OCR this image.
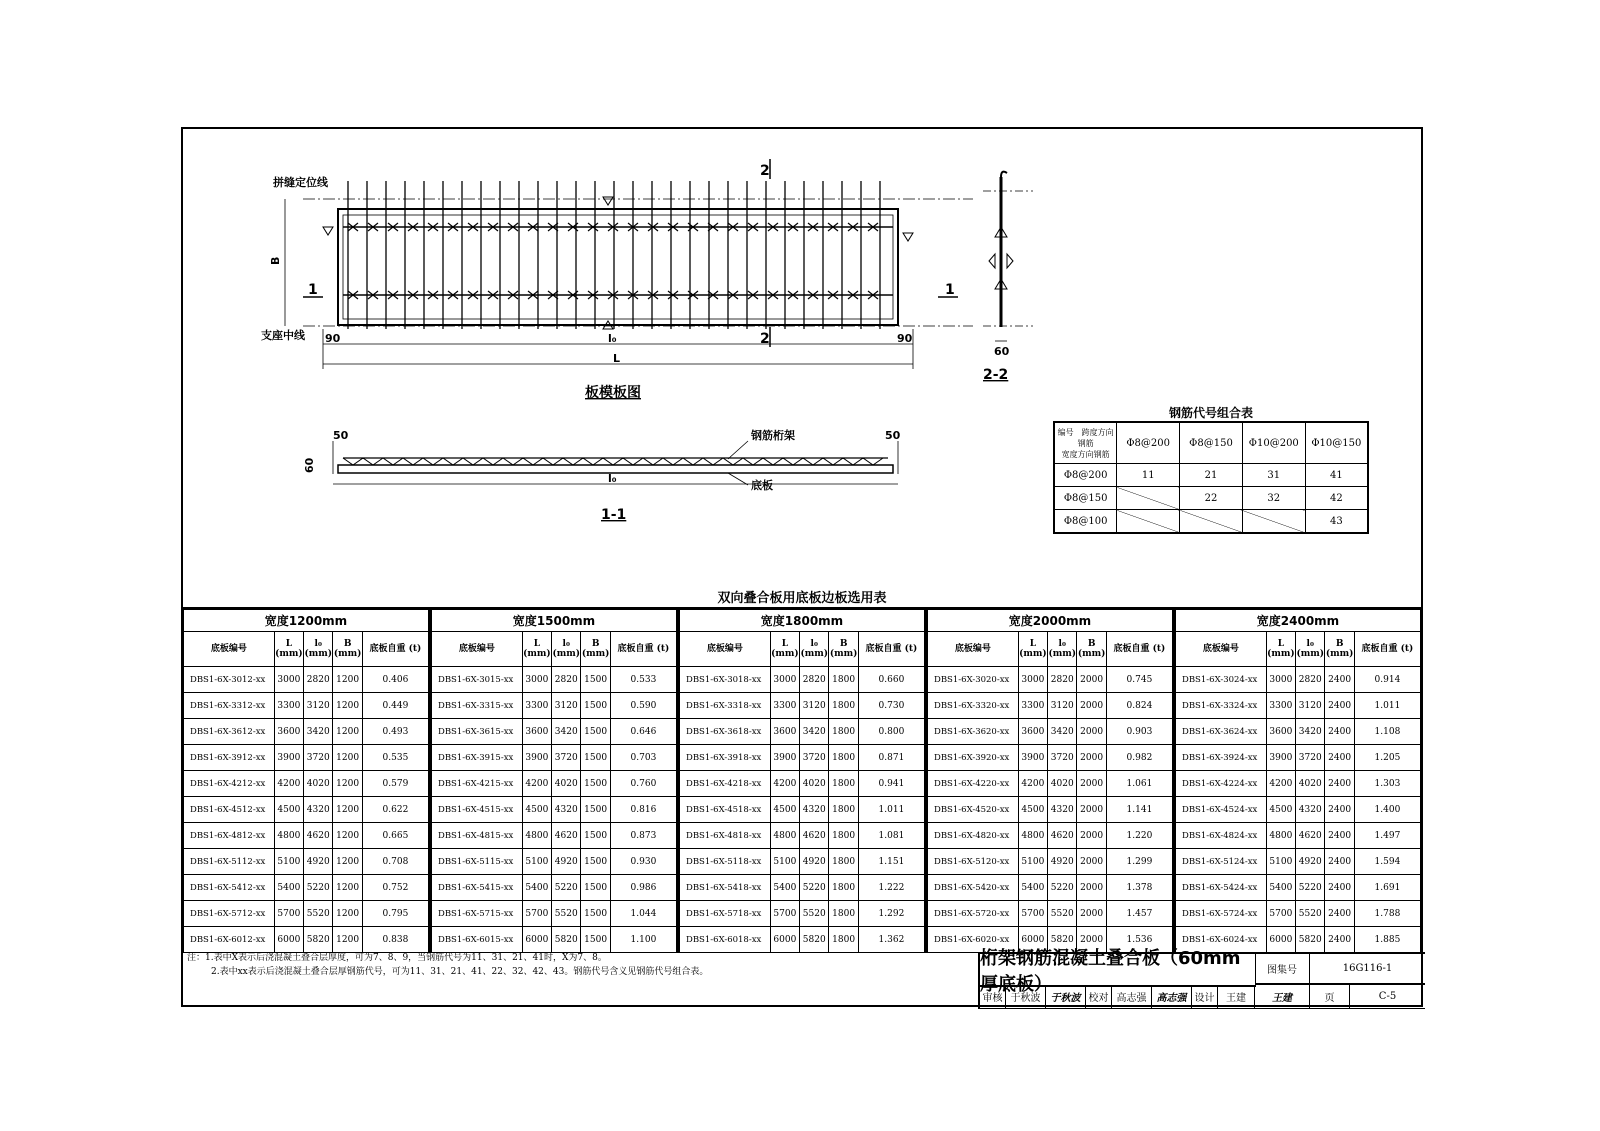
2
2
1	1
B
拼缝定位线
支座中线 90	90
l₀
L
板模板图
60
2-2
50	50
60
l₀
钢筋桁架
底板
1-1
钢筋代号组合表
编号　跨度方向钢筋
宽度方向钢筋	Φ8@200	Φ8@150	Φ10@200	Φ10@150
Φ8@200	11	21	31	41
Φ8@150		22	32	42
Φ8@100				43
双向叠合板用底板边板选用表
宽度1200mm				
底板编号	L (mm)	l₀ (mm)	B (mm)	底板自重 (t)
DBS1-6X-3012-xx	3000	2820	1200	0.406
DBS1-6X-3312-xx	3300	3120	1200	0.449
DBS1-6X-3612-xx	3600	3420	1200	0.493
DBS1-6X-3912-xx	3900	3720	1200	0.535
DBS1-6X-4212-xx	4200	4020	1200	0.579
DBS1-6X-4512-xx	4500	4320	1200	0.622
DBS1-6X-4812-xx	4800	4620	1200	0.665
DBS1-6X-5112-xx	5100	4920	1200	0.708
DBS1-6X-5412-xx	5400	5220	1200	0.752
DBS1-6X-5712-xx	5700	5520	1200	0.795
DBS1-6X-6012-xx	6000	5820	1200	0.838
宽度1500mm				
底板编号	L (mm)	l₀ (mm)	B (mm)	底板自重 (t)
DBS1-6X-3015-xx	3000	2820	1500	0.533
DBS1-6X-3315-xx	3300	3120	1500	0.590
DBS1-6X-3615-xx	3600	3420	1500	0.646
DBS1-6X-3915-xx	3900	3720	1500	0.703
DBS1-6X-4215-xx	4200	4020	1500	0.760
DBS1-6X-4515-xx	4500	4320	1500	0.816
DBS1-6X-4815-xx	4800	4620	1500	0.873
DBS1-6X-5115-xx	5100	4920	1500	0.930
DBS1-6X-5415-xx	5400	5220	1500	0.986
DBS1-6X-5715-xx	5700	5520	1500	1.044
DBS1-6X-6015-xx	6000	5820	1500	1.100
宽度1800mm				
底板编号	L (mm)	l₀ (mm)	B (mm)	底板自重 (t)
DBS1-6X-3018-xx	3000	2820	1800	0.660
DBS1-6X-3318-xx	3300	3120	1800	0.730
DBS1-6X-3618-xx	3600	3420	1800	0.800
DBS1-6X-3918-xx	3900	3720	1800	0.871
DBS1-6X-4218-xx	4200	4020	1800	0.941
DBS1-6X-4518-xx	4500	4320	1800	1.011
DBS1-6X-4818-xx	4800	4620	1800	1.081
DBS1-6X-5118-xx	5100	4920	1800	1.151
DBS1-6X-5418-xx	5400	5220	1800	1.222
DBS1-6X-5718-xx	5700	5520	1800	1.292
DBS1-6X-6018-xx	6000	5820	1800	1.362
宽度2000mm				
底板编号	L (mm)	l₀ (mm)	B (mm)	底板自重 (t)
DBS1-6X-3020-xx	3000	2820	2000	0.745
DBS1-6X-3320-xx	3300	3120	2000	0.824
DBS1-6X-3620-xx	3600	3420	2000	0.903
DBS1-6X-3920-xx	3900	3720	2000	0.982
DBS1-6X-4220-xx	4200	4020	2000	1.061
DBS1-6X-4520-xx	4500	4320	2000	1.141
DBS1-6X-4820-xx	4800	4620	2000	1.220
DBS1-6X-5120-xx	5100	4920	2000	1.299
DBS1-6X-5420-xx	5400	5220	2000	1.378
DBS1-6X-5720-xx	5700	5520	2000	1.457
DBS1-6X-6020-xx	6000	5820	2000	1.536
宽度2400mm				
底板编号	L (mm)	l₀ (mm)	B (mm)	底板自重 (t)
DBS1-6X-3024-xx	3000	2820	2400	0.914
DBS1-6X-3324-xx	3300	3120	2400	1.011
DBS1-6X-3624-xx	3600	3420	2400	1.108
DBS1-6X-3924-xx	3900	3720	2400	1.205
DBS1-6X-4224-xx	4200	4020	2400	1.303
DBS1-6X-4524-xx	4500	4320	2400	1.400
DBS1-6X-4824-xx	4800	4620	2400	1.497
DBS1-6X-5124-xx	5100	4920	2400	1.594
DBS1-6X-5424-xx	5400	5220	2400	1.691
DBS1-6X-5724-xx	5700	5520	2400	1.788
DBS1-6X-6024-xx	6000	5820	2400	1.885
注：1.表中X表示后浇混凝土叠合层厚度，可为7、8、9，当钢筋代号为11、31、21、41时，X为7、8。
2.表中xx表示后浇混凝土叠合层厚钢筋代号，可为11、31、21、41、22、32、42、43。钢筋代号含义见钢筋代号组合表。
桁架钢筋混凝土叠合板（60mm厚底板）
图集号	16G116-1
审核 于秋波	于秋波 校对 高志强	高志强 设计	王建	王建	页	C-5
